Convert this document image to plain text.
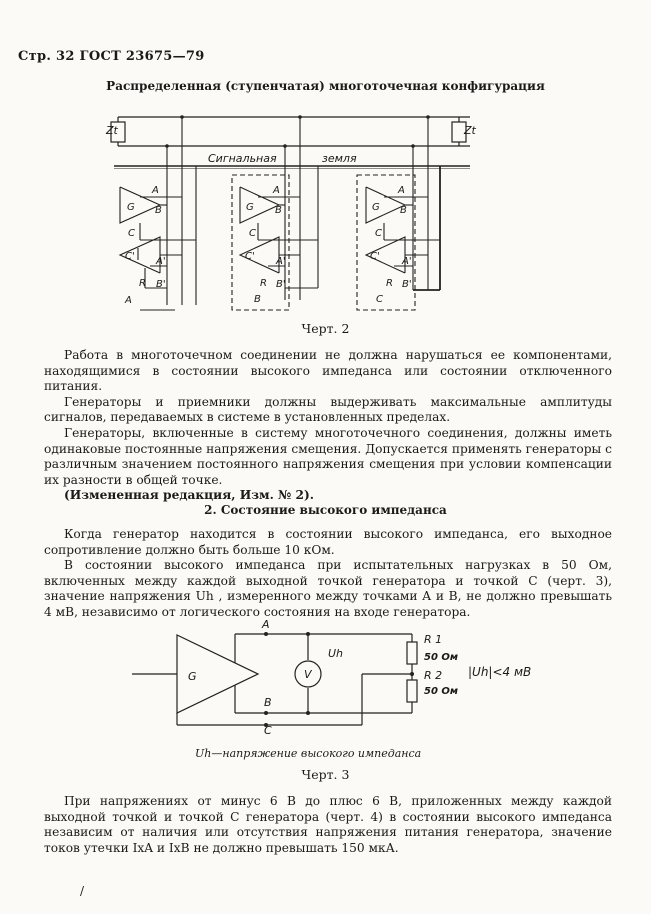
Стр. 32 ГОСТ 23675—79
Распределенная (ступенчатая) многоточечная конфигурация
Zt	Zt
Сигнальная	земля
G
A
B
C
C'
R
A'
B'
A
G
A
B
C
C'
R
A'
B'
B
G
A
B
C
C'
R
A'
B'
C
Черт. 2

Работа в многоточечном соединении не должна нарушаться ее компонентами, находящимися в состоянии высокого импеданса или состоянии отключенного питания.

Генераторы и приемники должны выдерживать максимальные амплитуды сигналов, передаваемых в системе в установленных пределах.

Генераторы, включенные в систему многоточечного соединения, должны иметь одинаковые постоянные напряжения смещения. Допускается применять генераторы с различным значением постоянного напряжения смещения при условии компенсации их разности в общей точке.

(Измененная редакция, Изм. № 2).

2. Состояние высокого импеданса

Когда генератор находится в состоянии высокого импеданса, его выходное сопротивление должно быть больше 10 кОм.

В состоянии высокого импеданса при испытательных нагрузках в 50 Ом, включенных между каждой выходной точкой генератора и точкой C (черт. 3), значение напряжения Uh , измеренного между точками A и B, не должно превышать 4 мВ, независимо от логического состояния на входе генератора.

G
A
B
C
V
Uh
R 1
50 Ом
R 2
50 Ом
|Uh|<4 мВ
Uh—напряжение высокого импеданса
Черт. 3

При напряжениях от минус 6 В до плюс 6 В, приложенных между каждой выходной точкой и точкой C генератора (черт. 4) в состоянии высокого импеданса независим от наличия или отсутствия напряжения питания генератора, значение токов утечки IxA и IxB не должно превышать 150 мкА.

/
